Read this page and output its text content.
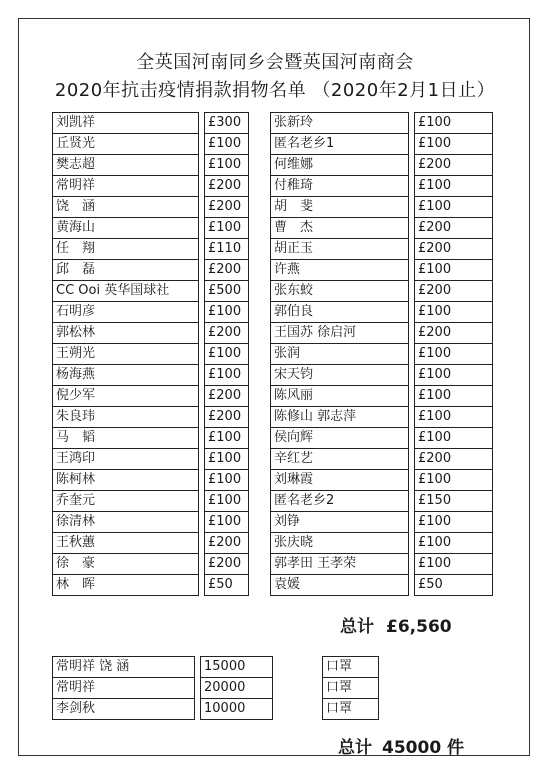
全英国河南同乡会暨英国河南商会
2020年抗击疫情捐款捐物名单 （2020年2月1日止）
刘凯祥		£300
丘贤光		£100
樊志超		£100
常明祥		£200
饶　涵		£200
黄海山		£100
任　翔		£110
邱　磊		£200
CC Ooi 英华国球社		£500
石明彦		£100
郭松林		£200
王朔光		£100
杨海燕		£100
倪少军		£200
朱良玮		£200
马　韬		£100
王鸿印		£100
陈柯林		£100
乔奎元		£100
徐清林		£100
王秋蕙		£200
徐　豪		£200
林　晖		£50
张新玲		£100
匿名老乡1		£100
何维娜		£200
付稚琦		£100
胡　斐		£100
曹　杰		£200
胡正玉		£200
许燕		£100
张东蛟		£200
郭伯良		£100
王国苏 徐启河		£200
张润		£100
宋天钧		£100
陈风丽		£100
陈修山 郭志萍		£100
侯向辉		£100
辛红艺		£200
刘琳霞		£100
匿名老乡2		£150
刘铮		£100
张庆晓		£100
郭孝田 王孝荣		£100
袁媛		£50
总计 £6,560
常明祥 饶 涵		15000		口罩
常明祥		20000		口罩
李剑秋		10000		口罩
总计 45000 件
